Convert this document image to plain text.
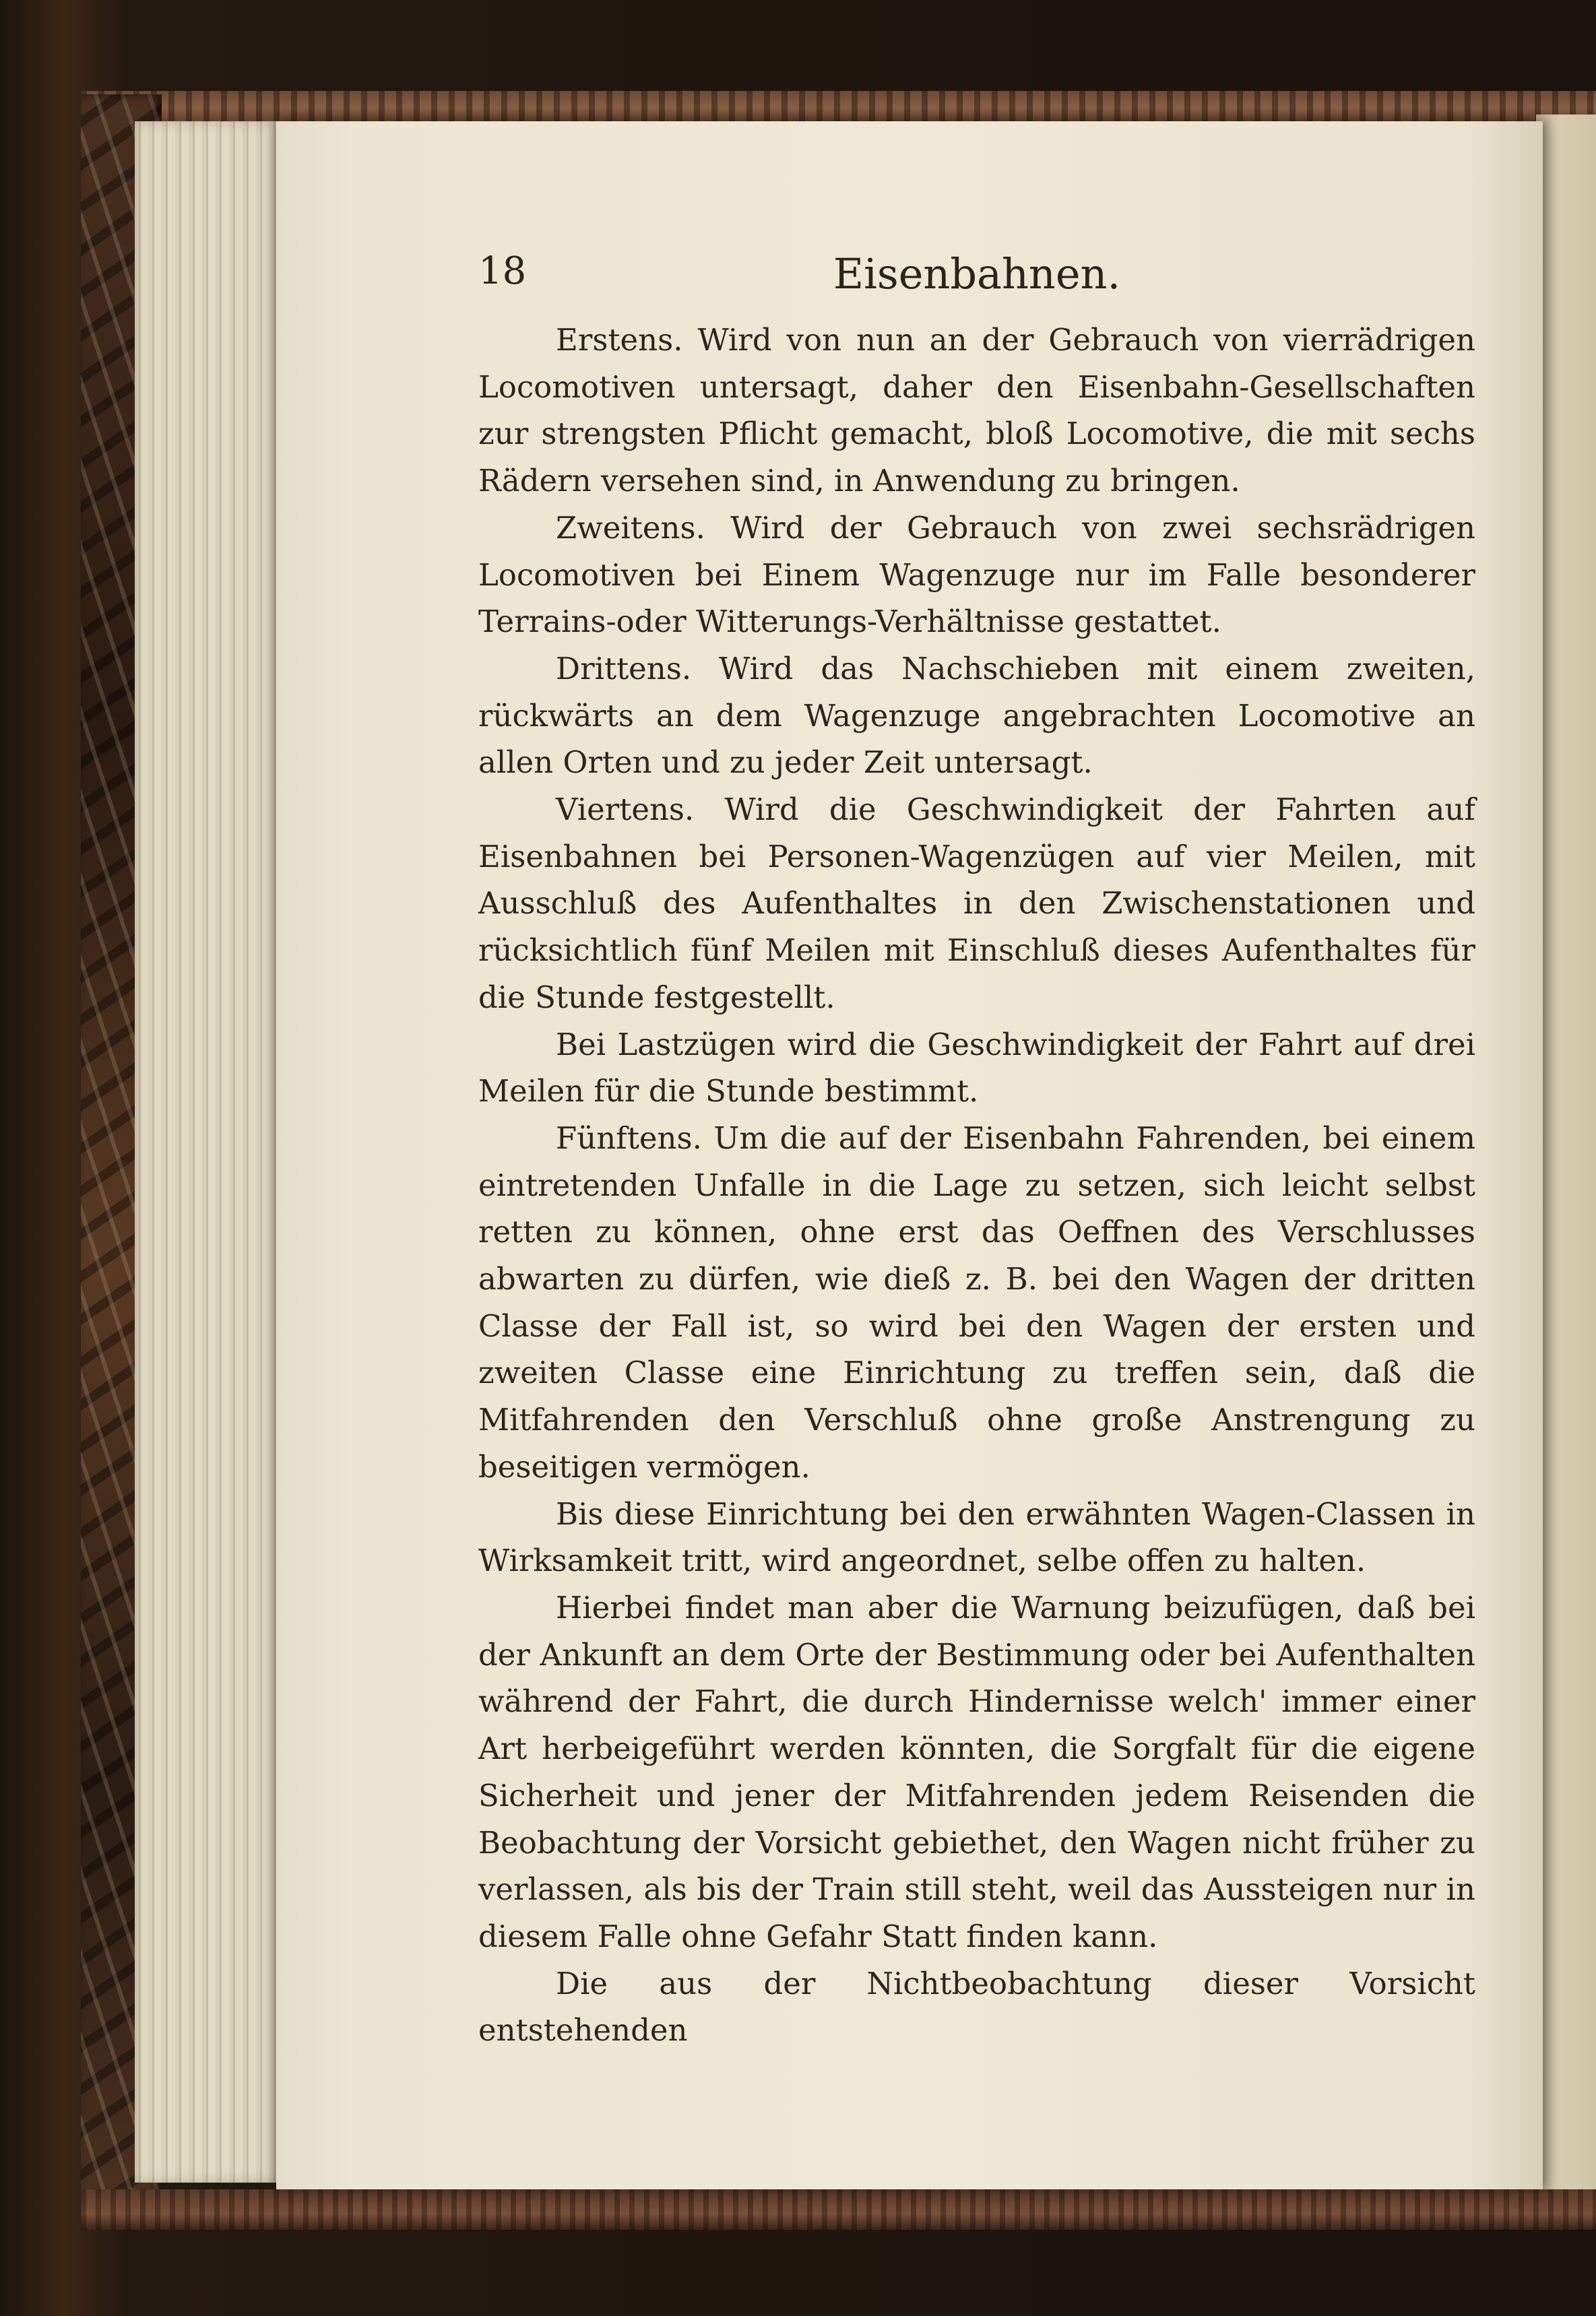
18	Eisenbahnen.

Erstens. Wird von nun an der Gebrauch von vierrädrigen Locomotiven untersagt, daher den Eisenbahn-Gesellschaften zur strengsten Pflicht gemacht, bloß Locomotive, die mit sechs Rädern versehen sind, in Anwendung zu bringen.

Zweitens. Wird der Gebrauch von zwei sechsrädrigen Locomotiven bei Einem Wagenzuge nur im Falle besonderer Terrains-oder Witterungs-Verhältnisse gestattet.

Drittens. Wird das Nachschieben mit einem zweiten, rückwärts an dem Wagenzuge angebrachten Locomotive an allen Orten und zu jeder Zeit untersagt.

Viertens. Wird die Geschwindigkeit der Fahrten auf Eisenbahnen bei Personen-Wagenzügen auf vier Meilen, mit Ausschluß des Aufenthaltes in den Zwischenstationen und rücksichtlich fünf Meilen mit Einschluß dieses Aufenthaltes für die Stunde festgestellt.

Bei Lastzügen wird die Geschwindigkeit der Fahrt auf drei Meilen für die Stunde bestimmt.

Fünftens. Um die auf der Eisenbahn Fahrenden, bei einem eintretenden Unfalle in die Lage zu setzen, sich leicht selbst retten zu können, ohne erst das Oeffnen des Verschlusses abwarten zu dürfen, wie dieß z. B. bei den Wagen der dritten Classe der Fall ist, so wird bei den Wagen der ersten und zweiten Classe eine Einrichtung zu treffen sein, daß die Mitfahrenden den Verschluß ohne große Anstrengung zu beseitigen vermögen.

Bis diese Einrichtung bei den erwähnten Wagen-Classen in Wirksamkeit tritt, wird angeordnet, selbe offen zu halten.

Hierbei findet man aber die Warnung beizufügen, daß bei der Ankunft an dem Orte der Bestimmung oder bei Aufenthalten während der Fahrt, die durch Hindernisse welch' immer einer Art herbeigeführt werden könnten, die Sorgfalt für die eigene Sicherheit und jener der Mitfahrenden jedem Reisenden die Beobachtung der Vorsicht gebiethet, den Wagen nicht früher zu verlassen, als bis der Train still steht, weil das Aussteigen nur in diesem Falle ohne Gefahr Statt finden kann.

Die aus der Nichtbeobachtung dieser Vorsicht entstehenden
